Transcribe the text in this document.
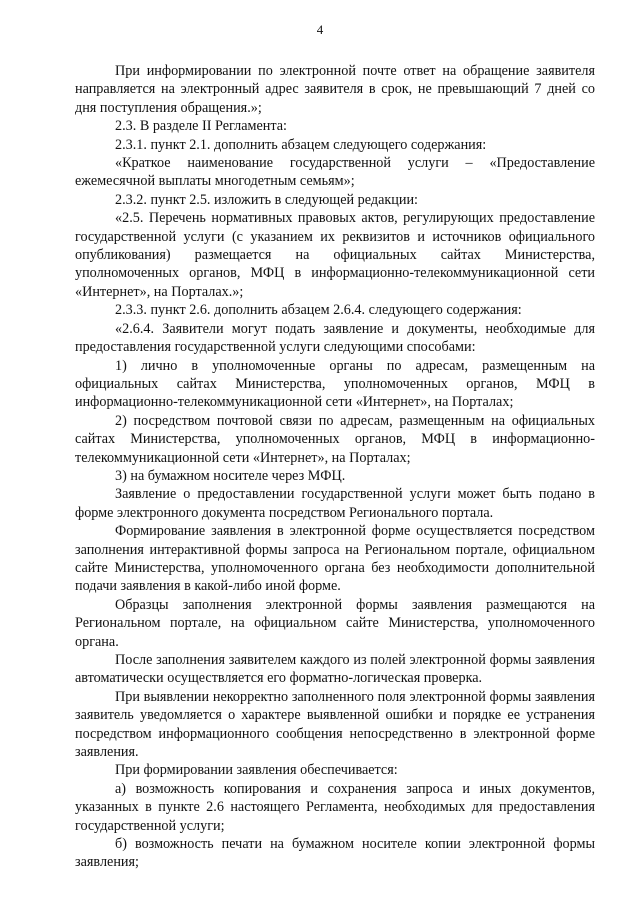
4

При информировании по электронной почте ответ на обращение заявителя направляется на электронный адрес заявителя в срок, не превышающий 7 дней со дня поступления обращения.»;

2.3. В разделе II Регламента:

2.3.1. пункт 2.1. дополнить абзацем следующего содержания:

«Краткое наименование государственной услуги – «Предоставление ежемесячной выплаты многодетным семьям»;

2.3.2. пункт 2.5. изложить в следующей редакции:

«2.5. Перечень нормативных правовых актов, регулирующих предоставление государственной услуги (с указанием их реквизитов и источников официального опубликования) размещается на официальных сайтах Министерства, уполномоченных органов, МФЦ в информационно-телекоммуникационной сети «Интернет», на Порталах.»;

2.3.3. пункт 2.6. дополнить абзацем 2.6.4. следующего содержания:

«2.6.4. Заявители могут подать заявление и документы, необходимые для предоставления государственной услуги следующими способами:

1) лично в уполномоченные органы по адресам, размещенным на официальных сайтах Министерства, уполномоченных органов, МФЦ в информационно-телекоммуникационной сети «Интернет», на Порталах;

2) посредством почтовой связи по адресам, размещенным на официальных сайтах Министерства, уполномоченных органов, МФЦ в информационно-телекоммуникационной сети «Интернет», на Порталах;

3) на бумажном носителе через МФЦ.

Заявление о предоставлении государственной услуги может быть подано в форме электронного документа посредством Регионального портала.

Формирование заявления в электронной форме осуществляется посредством заполнения интерактивной формы запроса на Региональном портале, официальном сайте Министерства, уполномоченного органа без необходимости дополнительной подачи заявления в какой-либо иной форме.

Образцы заполнения электронной формы заявления размещаются на Региональном портале, на официальном сайте Министерства, уполномоченного органа.

После заполнения заявителем каждого из полей электронной формы заявления автоматически осуществляется его форматно-логическая проверка.

При выявлении некорректно заполненного поля электронной формы заявления заявитель уведомляется о характере выявленной ошибки и порядке ее устранения посредством информационного сообщения непосредственно в электронной форме заявления.

При формировании заявления обеспечивается:

а) возможность копирования и сохранения запроса и иных документов, указанных в пункте 2.6 настоящего Регламента, необходимых для предоставления государственной услуги;

б) возможность печати на бумажном носителе копии электронной формы заявления;
